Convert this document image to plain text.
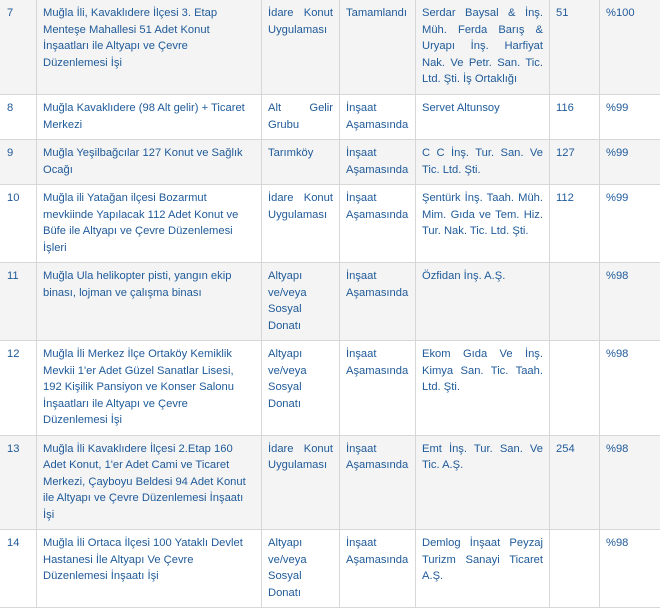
7	Muğla İli, Kavaklıdere İlçesi 3. Etap Menteşe Mahallesi 51 Adet Konut İnşaatları ile Altyapı ve Çevre Düzenlemesi İşi	İdare Konut Uygulaması	Tamamlandı	Serdar Baysal & İnş. Müh. Ferda Barış & Uryapı İnş. Harfiyat Nak. Ve Petr. San. Tic. Ltd. Şti. İş Ortaklığı	51	%100
8	Muğla Kavaklıdere (98 Alt gelir) + Ticaret Merkezi	Alt Gelir Grubu	İnşaat Aşamasında	Servet Altunsoy	116	%99
9	Muğla Yeşilbağcılar 127 Konut ve Sağlık Ocağı	Tarımköy	İnşaat Aşamasında	C C İnş. Tur. San. Ve Tic. Ltd. Şti.	127	%99
10	Muğla ili Yatağan ilçesi Bozarmut mevkiinde Yapılacak 112 Adet Konut ve Büfe ile Altyapı ve Çevre Düzenlemesi İşleri	İdare Konut Uygulaması	İnşaat Aşamasında	Şentürk İnş. Taah. Müh. Mim. Gıda ve Tem. Hiz. Tur. Nak. Tic. Ltd. Şti.	112	%99
11	Muğla Ula helikopter pisti, yangın ekip binası, lojman ve çalışma binası	Altyapı ve/veya Sosyal Donatı	İnşaat Aşamasında	Özfidan İnş. A.Ş.		%98
12	Muğla İli Merkez İlçe Ortaköy Kemiklik Mevkii 1'er Adet Güzel Sanatlar Lisesi, 192 Kişilik Pansiyon ve Konser Salonu İnşaatları ile Altyapı ve Çevre Düzenlemesi İşi	Altyapı ve/veya Sosyal Donatı	İnşaat Aşamasında	Ekom Gıda Ve İnş. Kimya San. Tic. Taah. Ltd. Şti.		%98
13	Muğla İli Kavaklıdere İlçesi 2.Etap 160 Adet Konut, 1'er Adet Cami ve Ticaret Merkezi, Çayboyu Beldesi 94 Adet Konut ile Altyapı ve Çevre Düzenlemesi İnşaatı İşi	İdare Konut Uygulaması	İnşaat Aşamasında	Emt İnş. Tur. San. Ve Tic. A.Ş.	254	%98
14	Muğla İli Ortaca İlçesi 100 Yataklı Devlet Hastanesi İle Altyapı Ve Çevre Düzenlemesi İnşaatı İşi	Altyapı ve/veya Sosyal Donatı	İnşaat Aşamasında	Demlog İnşaat Peyzaj Turizm Sanayi Ticaret A.Ş.		%98
